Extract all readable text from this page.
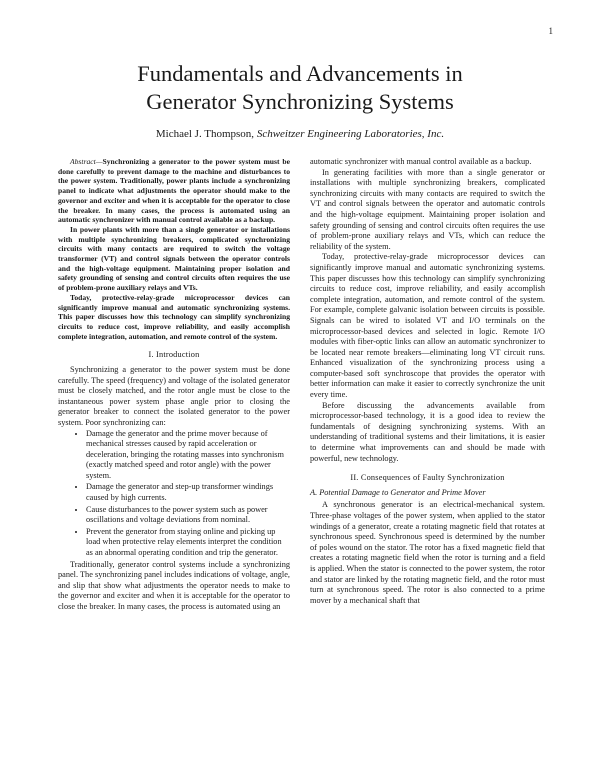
1
Fundamentals and Advancements in
Generator Synchronizing Systems
Michael J. Thompson, Schweitzer Engineering Laboratories, Inc.

Abstract—Synchronizing a generator to the power system must be done carefully to prevent damage to the machine and disturbances to the power system. Traditionally, power plants include a synchronizing panel to indicate what adjustments the operator should make to the governor and exciter and when it is acceptable for the operator to close the breaker. In many cases, the process is automated using an automatic synchronizer with manual control available as a backup.

In power plants with more than a single generator or installations with multiple synchronizing breakers, complicated synchronizing circuits with many contacts are required to switch the voltage transformer (VT) and control signals between the operator controls and the high-voltage equipment. Maintaining proper isolation and safety grounding of sensing and control circuits often requires the use of problem-prone auxiliary relays and VTs.

Today, protective-relay-grade microprocessor devices can significantly improve manual and automatic synchronizing systems. This paper discusses how this technology can simplify synchronizing circuits to reduce cost, improve reliability, and easily accomplish complete integration, automation, and remote control of the system.

I. Introduction

Synchronizing a generator to the power system must be done carefully. The speed (frequency) and voltage of the isolated generator must be closely matched, and the rotor angle must be close to the instantaneous power system phase angle prior to closing the generator breaker to connect the isolated generator to the power system. Poor synchronizing can:

• Damage the generator and the prime mover because of mechanical stresses caused by rapid acceleration or deceleration, bringing the rotating masses into synchronism (exactly matched speed and rotor angle) with the power system.
• Damage the generator and step-up transformer windings caused by high currents.
• Cause disturbances to the power system such as power oscillations and voltage deviations from nominal.
• Prevent the generator from staying online and picking up load when protective relay elements interpret the condition as an abnormal operating condition and trip the generator.

Traditionally, generator control systems include a synchronizing panel. The synchronizing panel includes indications of voltage, angle, and slip that show what adjustments the operator needs to make to the governor and exciter and when it is acceptable for the operator to close the breaker. In many cases, the process is automated using an

automatic synchronizer with manual control available as a backup.

In generating facilities with more than a single generator or installations with multiple synchronizing breakers, complicated synchronizing circuits with many contacts are required to switch the VT and control signals between the operator and automatic controls and the high-voltage equipment. Maintaining proper isolation and safety grounding of sensing and control circuits often requires the use of problem-prone auxiliary relays and VTs, which can reduce the reliability of the system.

Today, protective-relay-grade microprocessor devices can significantly improve manual and automatic synchronizing systems. This paper discusses how this technology can simplify synchronizing circuits to reduce cost, improve reliability, and easily accomplish complete integration, automation, and remote control of the system. For example, complete galvanic isolation between circuits is possible. Signals can be wired to isolated VT and I/O terminals on the microprocessor-based devices and selected in logic. Remote I/O modules with fiber-optic links can allow an automatic synchronizer to be located near remote breakers—eliminating long VT circuit runs. Enhanced visualization of the synchronizing process using a computer-based soft synchroscope that provides the operator with better information can make it easier to correctly synchronize the unit every time.

Before discussing the advancements available from microprocessor-based technology, it is a good idea to review the fundamentals of designing synchronizing systems. With an understanding of traditional systems and their limitations, it is easier to determine what improvements can and should be made with powerful, new technology.

II. Consequences of Faulty Synchronization
A. Potential Damage to Generator and Prime Mover

A synchronous generator is an electrical-mechanical system. Three-phase voltages of the power system, when applied to the stator windings of a generator, create a rotating magnetic field that rotates at synchronous speed. Synchronous speed is determined by the number of poles wound on the stator. The rotor has a fixed magnetic field that creates a rotating magnetic field when the rotor is turning and a field is applied. When the stator is connected to the power system, the rotor and stator are linked by the rotating magnetic field, and the rotor must turn at synchronous speed. The rotor is also connected to a prime mover by a mechanical shaft that
